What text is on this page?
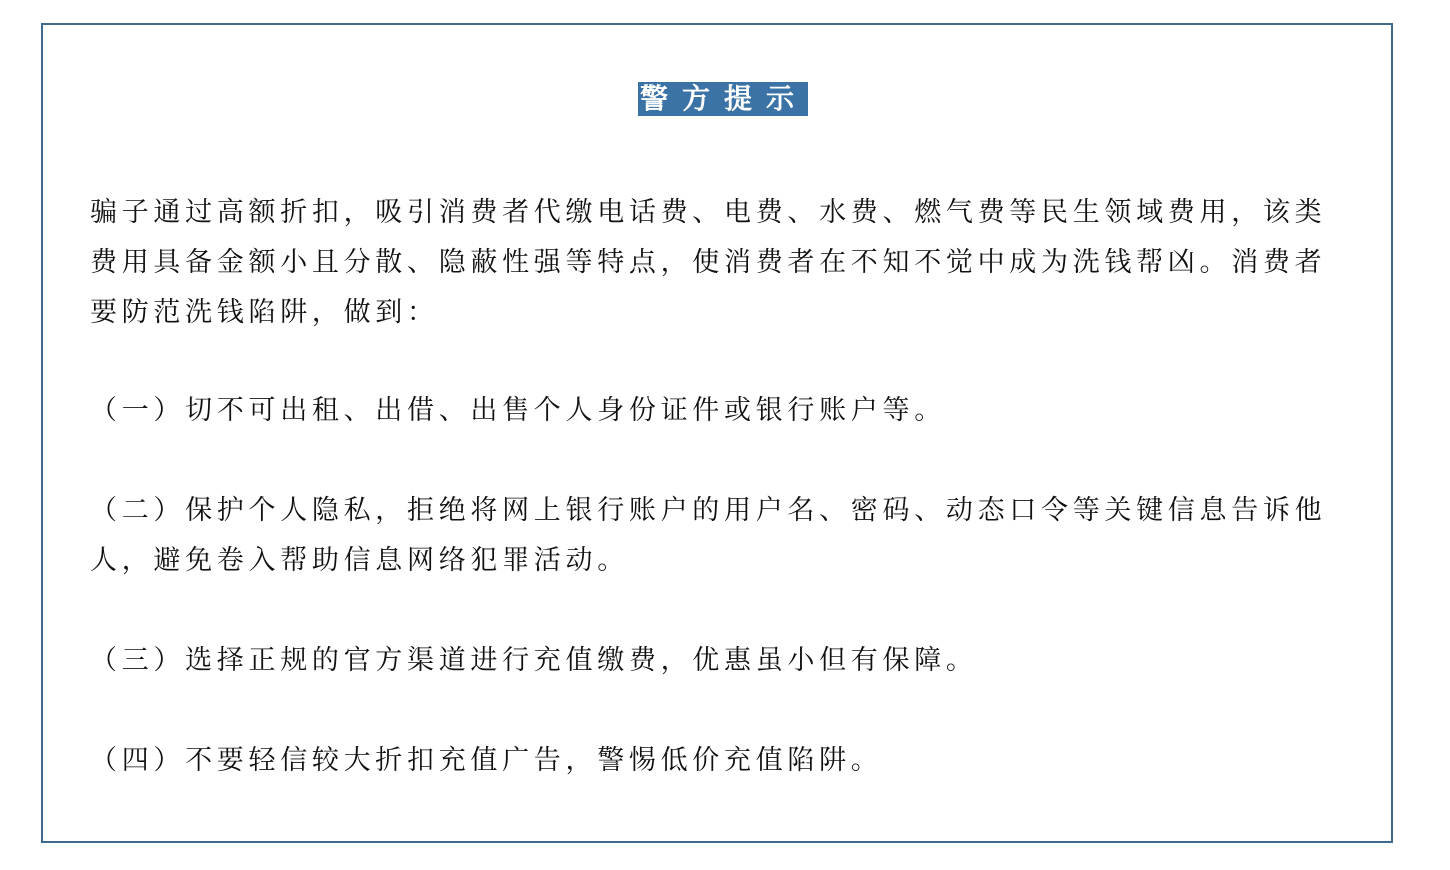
警方提示

骗子通过高额折扣，吸引消费者代缴电话费、电费、水费、燃气费等民生领域费用，该类费用具备金额小且分散、隐蔽性强等特点，使消费者在不知不觉中成为洗钱帮凶。消费者要防范洗钱陷阱，做到：

（一）切不可出租、出借、出售个人身份证件或银行账户等。

（二）保护个人隐私，拒绝将网上银行账户的用户名、密码、动态口令等关键信息告诉他人，避免卷入帮助信息网络犯罪活动。

（三）选择正规的官方渠道进行充值缴费，优惠虽小但有保障。

（四）不要轻信较大折扣充值广告，警惕低价充值陷阱。
